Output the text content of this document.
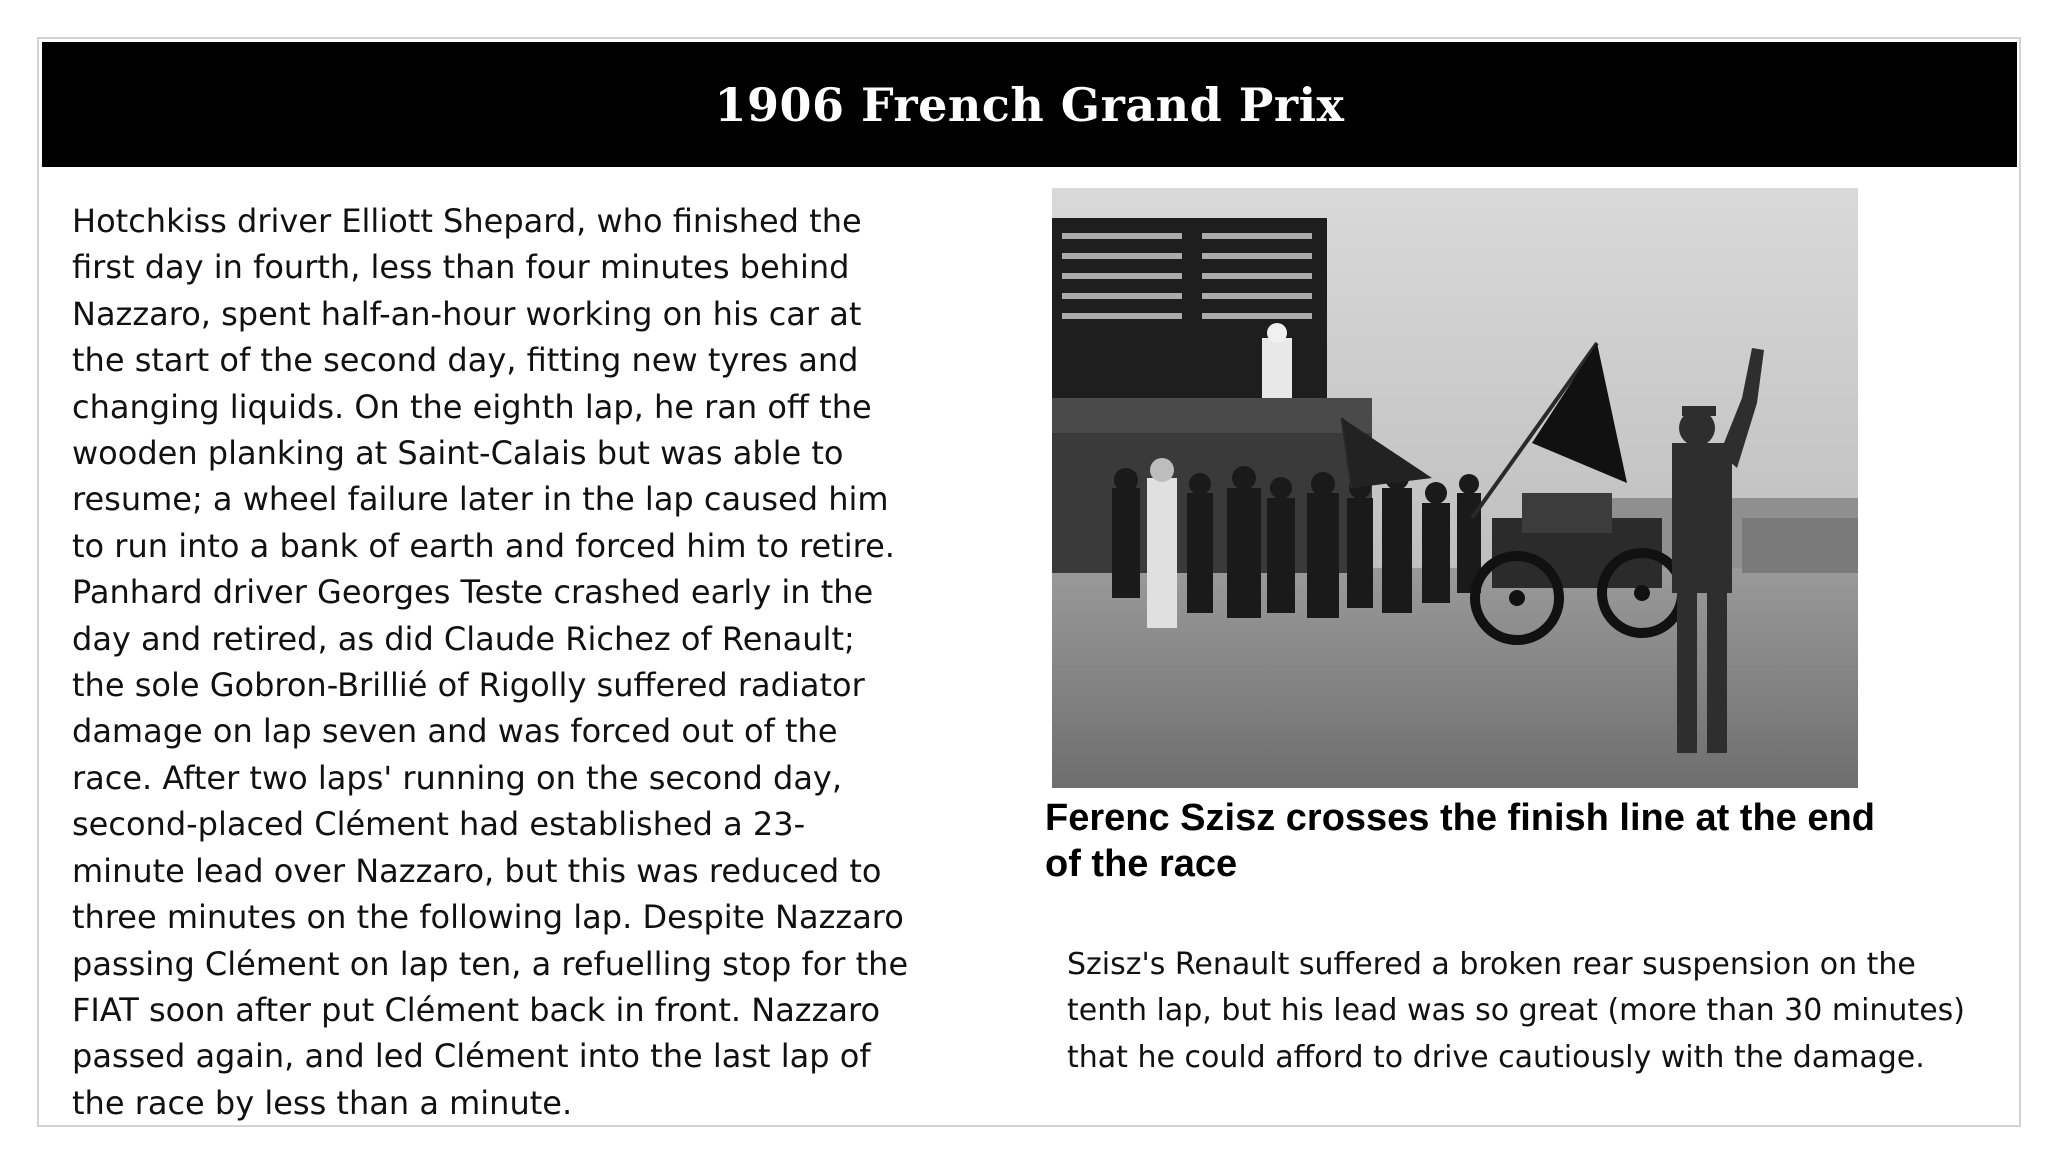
1906 French Grand Prix

Hotchkiss driver Elliott Shepard, who finished the first day in fourth, less than four minutes behind Nazzaro, spent half-an-hour working on his car at the start of the second day, fitting new tyres and changing liquids. On the eighth lap, he ran off the wooden planking at Saint-Calais but was able to resume; a wheel failure later in the lap caused him to run into a bank of earth and forced him to retire. Panhard driver Georges Teste crashed early in the day and retired, as did Claude Richez of Renault; the sole Gobron-Brillié of Rigolly suffered radiator damage on lap seven and was forced out of the race. After two laps' running on the second day, second-placed Clément had established a 23-minute lead over Nazzaro, but this was reduced to three minutes on the following lap. Despite Nazzaro passing Clément on lap ten, a refuelling stop for the FIAT soon after put Clément back in front. Nazzaro passed again, and led Clément into the last lap of the race by less than a minute.

Ferenc Szisz crosses the finish line at the end of the race

Szisz's Renault suffered a broken rear suspension on the tenth lap, but his lead was so great (more than 30 minutes) that he could afford to drive cautiously with the damage.
